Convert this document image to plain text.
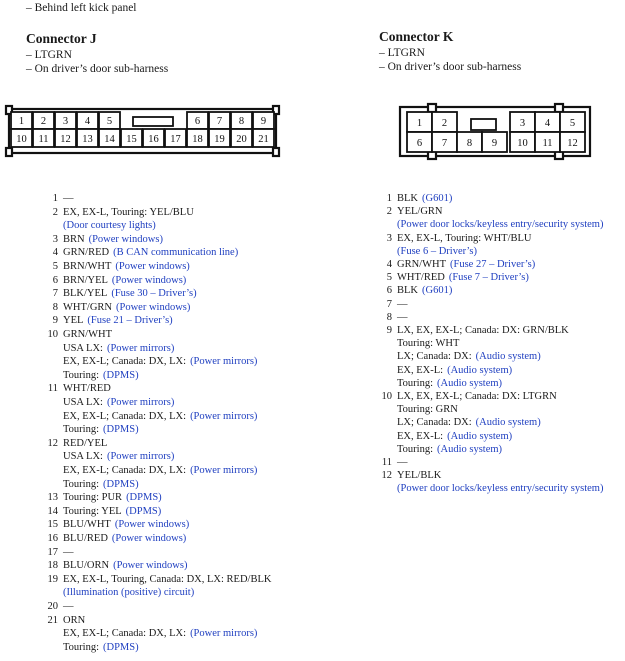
– Behind left kick panel
Connector J
– LTGRN
– On driver’s door sub-harness
Connector K
– LTGRN
– On driver’s door sub-harness
1 2 3 4 5	6 7 8 9
10 11 12 13 14 15 16 17 18 19 20 21
1 2	3 4 5
6 7 8 9 10 11 12
1 —
2 EX, EX-L, Touring: YEL/BLU
(Door courtesy lights)
3 BRN (Power windows)
4 GRN/RED (B CAN communication line)
5 BRN/WHT (Power windows)
6 BRN/YEL (Power windows)
7 BLK/YEL (Fuse 30 – Driver’s)
8 WHT/GRN (Power windows)
9 YEL (Fuse 21 – Driver’s)
10 GRN/WHT
USA LX: (Power mirrors)
EX, EX-L; Canada: DX, LX: (Power mirrors)
Touring: (DPMS)
11 WHT/RED
USA LX: (Power mirrors)
EX, EX-L; Canada: DX, LX: (Power mirrors)
Touring: (DPMS)
12 RED/YEL
USA LX: (Power mirrors)
EX, EX-L; Canada: DX, LX: (Power mirrors)
Touring: (DPMS)
13 Touring: PUR (DPMS)
14 Touring: YEL (DPMS)
15 BLU/WHT (Power windows)
16 BLU/RED (Power windows)
17 —
18 BLU/ORN (Power windows)
19 EX, EX-L, Touring, Canada: DX, LX: RED/BLK
(Illumination (positive) circuit)
20 —
21 ORN
EX, EX-L; Canada: DX, LX: (Power mirrors)
Touring: (DPMS)
1 BLK (G601)
2 YEL/GRN
(Power door locks/keyless entry/security system)
3 EX, EX-L, Touring: WHT/BLU
(Fuse 6 – Driver’s)
4 GRN/WHT (Fuse 27 – Driver’s)
5 WHT/RED (Fuse 7 – Driver’s)
6 BLK (G601)
7 —
8 —
9 LX, EX, EX-L; Canada: DX: GRN/BLK
Touring: WHT
LX; Canada: DX: (Audio system)
EX, EX-L: (Audio system)
Touring: (Audio system)
10 LX, EX, EX-L; Canada: DX: LTGRN
Touring: GRN
LX; Canada: DX: (Audio system)
EX, EX-L: (Audio system)
Touring: (Audio system)
11 —
12 YEL/BLK
(Power door locks/keyless entry/security system)
